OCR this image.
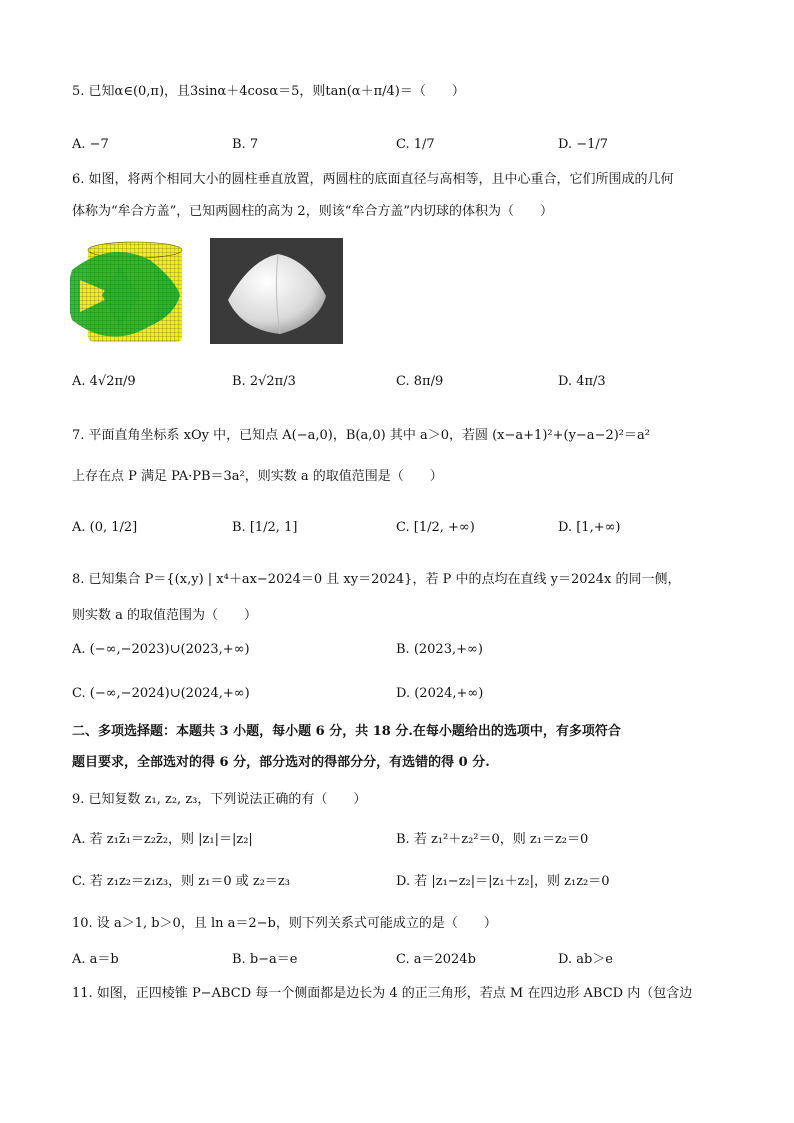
5. 已知α∈(0,π)，且3sinα＋4cosα＝5，则tan(α＋π/4)＝（　　）
A. −7	B. 7	C. 1/7	D. −1/7
6. 如图，将两个相同大小的圆柱垂直放置，两圆柱的底面直径与高相等，且中心重合，它们所围成的几何
体称为“牟合方盖”，已知两圆柱的高为 2，则该“牟合方盖”内切球的体积为（　　）
A. 4√2π/9	B. 2√2π/3	C. 8π/9	D. 4π/3
7. 平面直角坐标系 xOy 中，已知点 A(−a,0)，B(a,0) 其中 a＞0，若圆 (x−a+1)²+(y−a−2)²＝a²
上存在点 P 满足 PA·PB＝3a²，则实数 a 的取值范围是（　　）
A. (0, 1/2]	B. [1/2, 1]	C. [1/2, +∞)	D. [1,+∞)
8. 已知集合 P＝{(x,y) | x⁴＋ax−2024＝0 且 xy＝2024}，若 P 中的点均在直线 y＝2024x 的同一侧，
则实数 a 的取值范围为（　　）
A. (−∞,−2023)∪(2023,+∞)	B. (2023,+∞)
C. (−∞,−2024)∪(2024,+∞)	D. (2024,+∞)
二、多项选择题：本题共 3 小题，每小题 6 分，共 18 分.在每小题给出的选项中，有多项符合
题目要求，全部选对的得 6 分，部分选对的得部分分，有选错的得 0 分.
9. 已知复数 z₁, z₂, z₃，下列说法正确的有（　　）
A. 若 z₁z̄₁＝z₂z̄₂，则 |z₁|＝|z₂|	B. 若 z₁²＋z₂²＝0，则 z₁＝z₂＝0
C. 若 z₁z₂＝z₁z₃，则 z₁＝0 或 z₂＝z₃	D. 若 |z₁−z₂|＝|z₁＋z₂|，则 z₁z₂＝0
10. 设 a＞1, b＞0，且 ln a＝2−b，则下列关系式可能成立的是（　　）
A. a＝b	B. b−a＝e	C. a＝2024b	D. ab＞e
11. 如图，正四棱锥 P−ABCD 每一个侧面都是边长为 4 的正三角形，若点 M 在四边形 ABCD 内（包含边
